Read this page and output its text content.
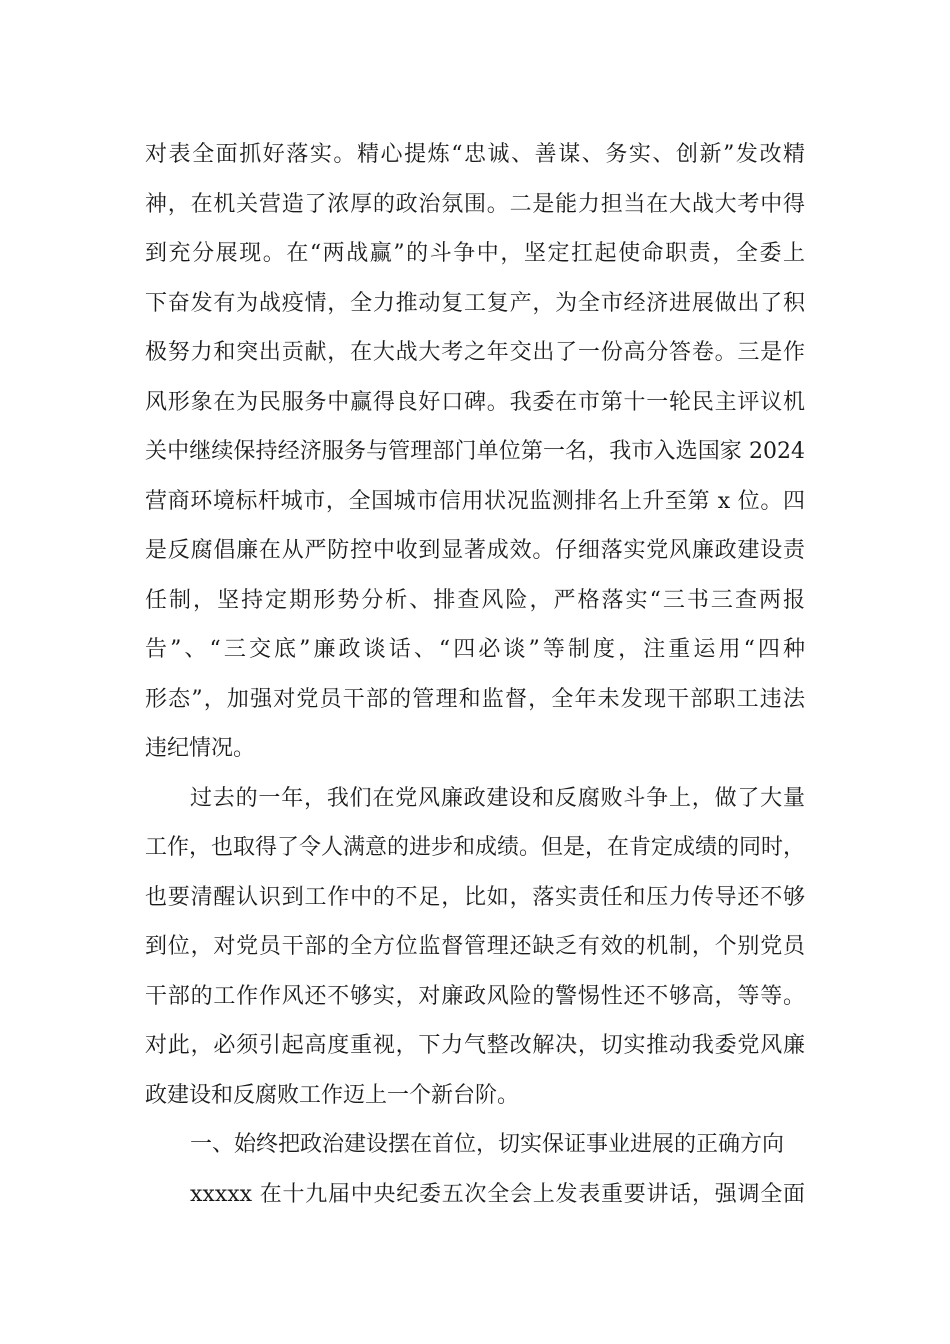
对表全面抓好落实。精心提炼“忠诚、善谋、务实、创新”发改精
神，在机关营造了浓厚的政治氛围。二是能力担当在大战大考中得
到充分展现。在“两战赢”的斗争中，坚定扛起使命职责，全委上
下奋发有为战疫情，全力推动复工复产，为全市经济进展做出了积
极努力和突出贡献，在大战大考之年交出了一份高分答卷。三是作
风形象在为民服务中赢得良好口碑。我委在市第十一轮民主评议机
关中继续保持经济服务与管理部门单位第一名，我市入选国家 2024
营商环境标杆城市，全国城市信用状况监测排名上升至第 x 位。四
是反腐倡廉在从严防控中收到显著成效。仔细落实党风廉政建设责
任制，坚持定期形势分析、排查风险，严格落实“三书三查两报
告”、“三交底”廉政谈话、“四必谈”等制度，注重运用“四种
形态”，加强对党员干部的管理和监督，全年未发现干部职工违法
违纪情况。
过去的一年，我们在党风廉政建设和反腐败斗争上，做了大量
工作，也取得了令人满意的进步和成绩。但是，在肯定成绩的同时，
也要清醒认识到工作中的不足，比如，落实责任和压力传导还不够
到位，对党员干部的全方位监督管理还缺乏有效的机制，个别党员
干部的工作作风还不够实，对廉政风险的警惕性还不够高，等等。
对此，必须引起高度重视，下力气整改解决，切实推动我委党风廉
政建设和反腐败工作迈上一个新台阶。
一、始终把政治建设摆在首位，切实保证事业进展的正确方向
xxxxx 在十九届中央纪委五次全会上发表重要讲话，强调全面
